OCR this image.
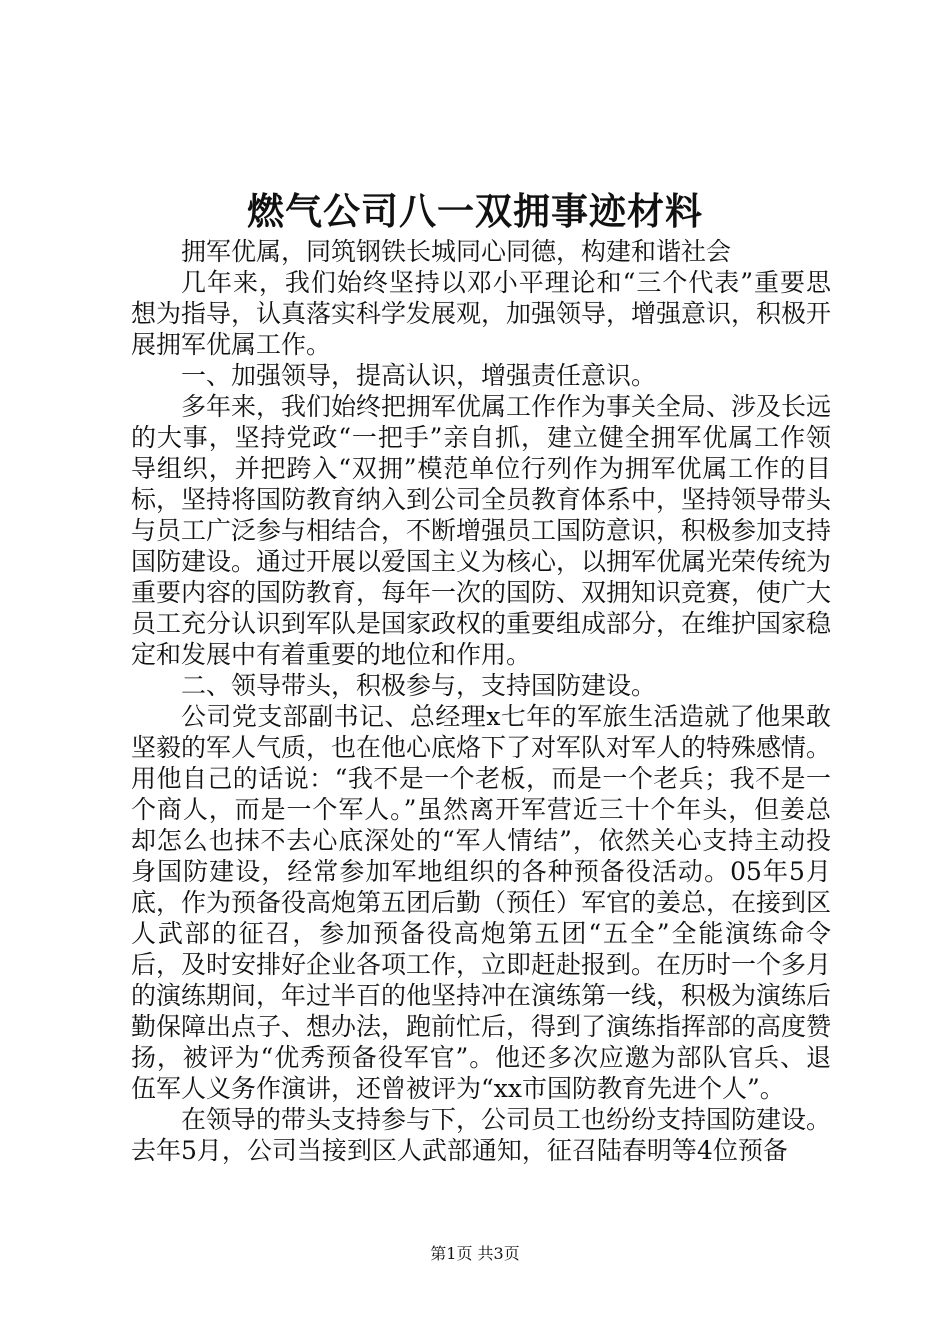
燃气公司八一双拥事迹材料

拥军优属，同筑钢铁长城同心同德，构建和谐社会

几年来，我们始终坚持以邓小平理论和“三个代表”重要思想为指导，认真落实科学发展观，加强领导，增强意识，积极开展拥军优属工作。

一、加强领导，提高认识，增强责任意识。

多年来，我们始终把拥军优属工作作为事关全局、涉及长远的大事，坚持党政“一把手”亲自抓，建立健全拥军优属工作领导组织，并把跨入“双拥”模范单位行列作为拥军优属工作的目标，坚持将国防教育纳入到公司全员教育体系中，坚持领导带头与员工广泛参与相结合，不断增强员工国防意识，积极参加支持国防建设。通过开展以爱国主义为核心，以拥军优属光荣传统为重要内容的国防教育，每年一次的国防、双拥知识竞赛，使广大员工充分认识到军队是国家政权的重要组成部分，在维护国家稳定和发展中有着重要的地位和作用。

二、领导带头，积极参与，支持国防建设。

公司党支部副书记、总经理x七年的军旅生活造就了他果敢坚毅的军人气质，也在他心底烙下了对军队对军人的特殊感情。用他自己的话说：“我不是一个老板，而是一个老兵；我不是一个商人，而是一个军人。”虽然离开军营近三十个年头，但姜总却怎么也抹不去心底深处的“军人情结”，依然关心支持主动投身国防建设，经常参加军地组织的各种预备役活动。05年5月底，作为预备役高炮第五团后勤（预任）军官的姜总，在接到区人武部的征召，参加预备役高炮第五团“五全”全能演练命令后，及时安排好企业各项工作，立即赶赴报到。在历时一个多月的演练期间，年过半百的他坚持冲在演练第一线，积极为演练后勤保障出点子、想办法，跑前忙后，得到了演练指挥部的高度赞扬，被评为“优秀预备役军官”。他还多次应邀为部队官兵、退伍军人义务作演讲，还曾被评为“xx市国防教育先进个人”。

在领导的带头支持参与下，公司员工也纷纷支持国防建设。去年5月，公司当接到区人武部通知，征召陆春明等4位预备

第1页 共3页
